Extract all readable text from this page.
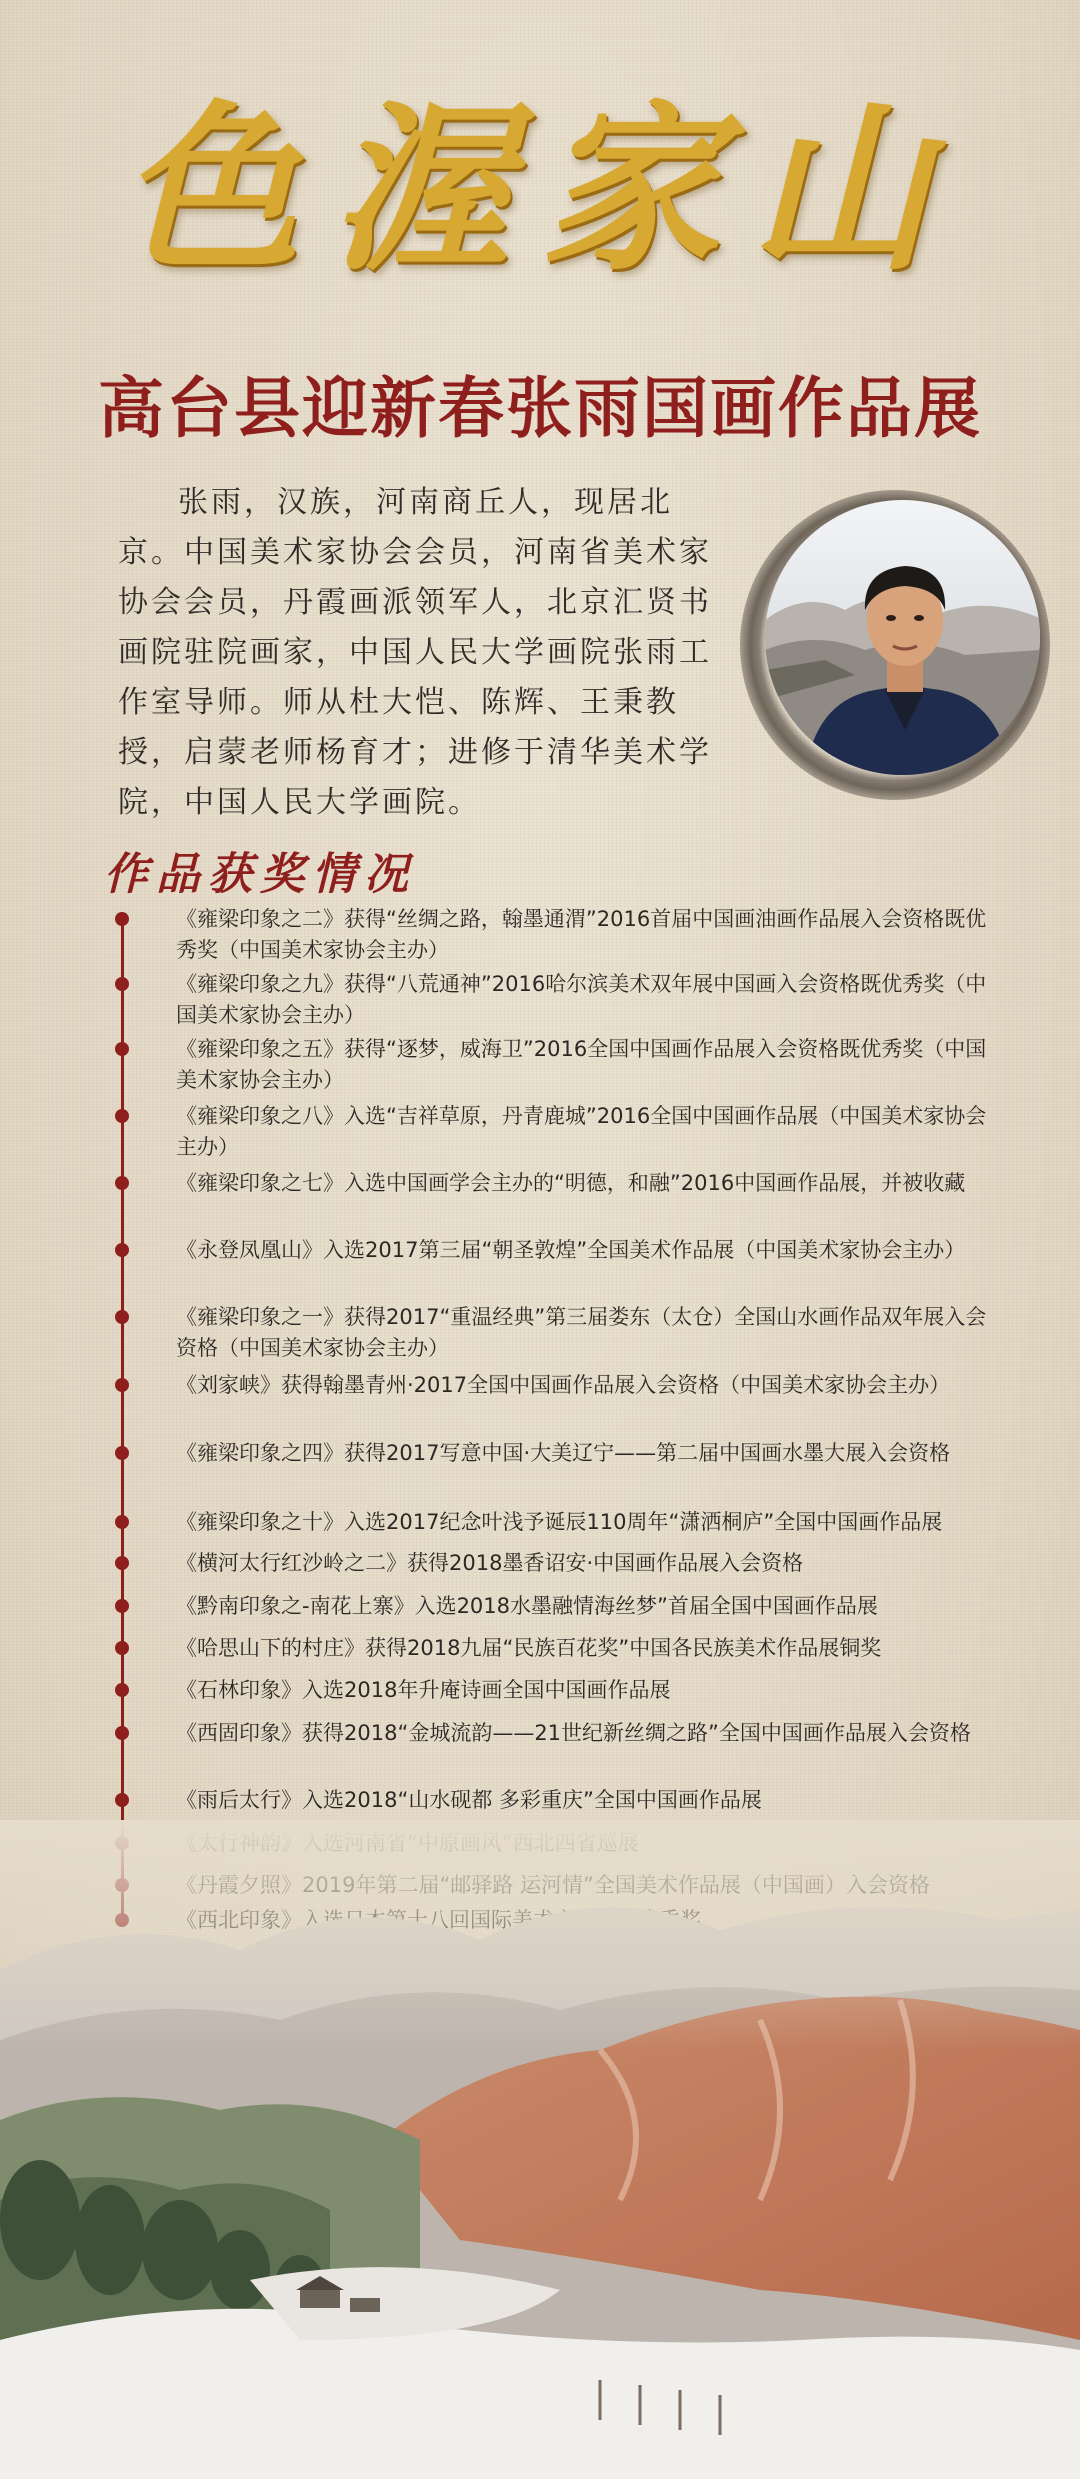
色渥家山
高台县迎新春张雨国画作品展

张雨，汉族，河南商丘人，现居北京。中国美术家协会会员，河南省美术家协会会员，丹霞画派领军人，北京汇贤书画院驻院画家，中国人民大学画院张雨工作室导师。师从杜大恺、陈辉、王秉教授，启蒙老师杨育才；进修于清华美术学院，中国人民大学画院。

作品获奖情况

《雍梁印象之二》获得“丝绸之路，翰墨通渭”2016首届中国画油画作品展入会资格既优秀奖（中国美术家协会主办）

《雍梁印象之九》获得“八荒通神”2016哈尔滨美术双年展中国画入会资格既优秀奖（中国美术家协会主办）

《雍梁印象之五》获得“逐梦，威海卫”2016全国中国画作品展入会资格既优秀奖（中国美术家协会主办）

《雍梁印象之八》入选“吉祥草原，丹青鹿城”2016全国中国画作品展（中国美术家协会主办）

《雍梁印象之七》入选中国画学会主办的“明德，和融”2016中国画作品展，并被收藏

《永登凤凰山》入选2017第三届“朝圣敦煌”全国美术作品展（中国美术家协会主办）

《雍梁印象之一》获得2017“重温经典”第三届娄东（太仓）全国山水画作品双年展入会资格（中国美术家协会主办）

《刘家峡》获得翰墨青州·2017全国中国画作品展入会资格（中国美术家协会主办）

《雍梁印象之四》获得2017写意中国·大美辽宁——第二届中国画水墨大展入会资格

《雍梁印象之十》入选2017纪念叶浅予诞辰110周年“潇洒桐庐”全国中国画作品展

《横河太行红沙岭之二》获得2018墨香诏安·中国画作品展入会资格

《黔南印象之-南花上寨》入选2018水墨融情海丝梦”首届全国中国画作品展

《哈思山下的村庄》获得2018九届“民族百花奖”中国各民族美术作品展铜奖

《石林印象》入选2018年升庵诗画全国中国画作品展

《西固印象》获得2018“金城流韵——21世纪新丝绸之路”全国中国画作品展入会资格

《雨后太行》入选2018“山水砚都 多彩重庆”全国中国画作品展
